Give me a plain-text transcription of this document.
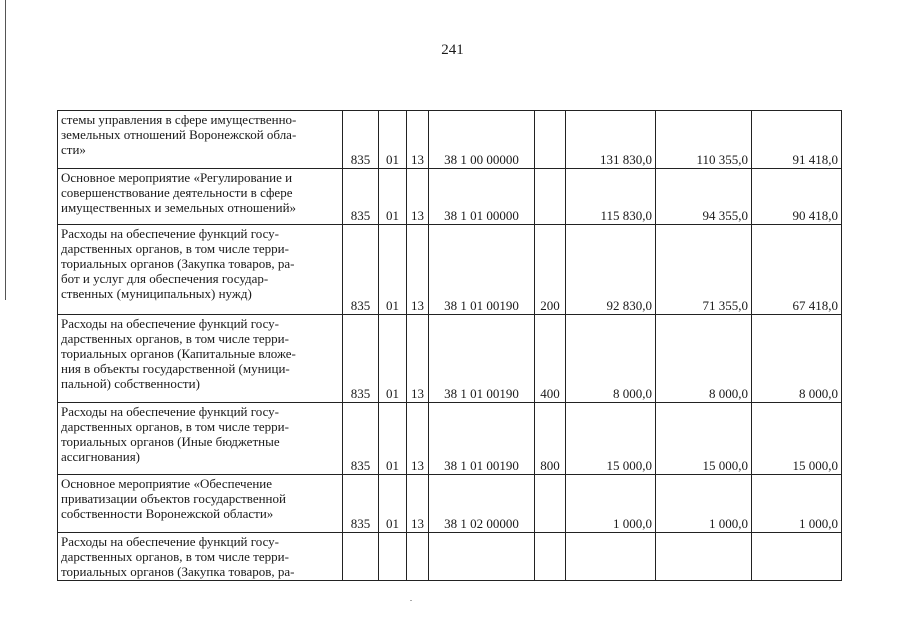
241
стемы управления в сфере имущественно-
земельных отношений Воронежской обла-
сти»	835	01	13	38 1 00 00000		131 830,0	110 355,0	91 418,0
Основное мероприятие «Регулирование и
совершенствование деятельности в сфере
имущественных и земельных отношений»	835	01	13	38 1 01 00000		115 830,0	94 355,0	90 418,0
Расходы на обеспечение функций госу-
дарственных органов, в том числе терри-
ториальных органов (Закупка товаров, ра-
бот и услуг для обеспечения государ-
ственных (муниципальных) нужд)	835	01	13	38 1 01 00190	200	92 830,0	71 355,0	67 418,0
Расходы на обеспечение функций госу-
дарственных органов, в том числе терри-
ториальных органов (Капитальные вложе-
ния в объекты государственной (муници-
пальной) собственности)	835	01	13	38 1 01 00190	400	8 000,0	8 000,0	8 000,0
Расходы на обеспечение функций госу-
дарственных органов, в том числе терри-
ториальных органов (Иные бюджетные
ассигнования)	835	01	13	38 1 01 00190	800	15 000,0	15 000,0	15 000,0
Основное мероприятие «Обеспечение
приватизации объектов государственной
собственности Воронежской области»	835	01	13	38 1 02 00000		1 000,0	1 000,0	1 000,0
Расходы на обеспечение функций госу-
дарственных органов, в том числе терри-
ториальных органов (Закупка товаров, ра-								
